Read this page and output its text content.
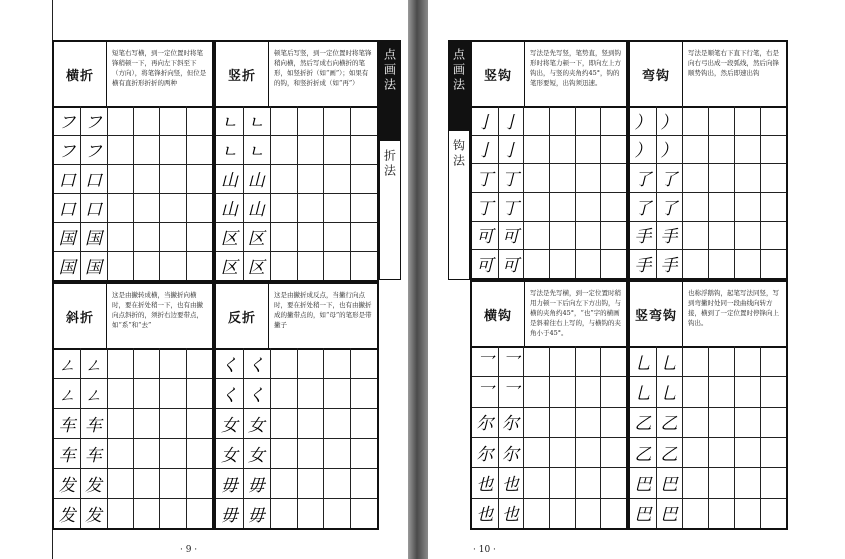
点画法
折法
· 9 ·
点画法
钩法
· 10 ·
横折
短笔右写横，到一定位置时将笔锋稍顿一下，再向左下斜至下（方向），将笔锋折向竖，但位是横有直折形折折的两种
フ フ
フ フ
口 口
口 口
国 国
国 国
竖折
顿笔后写竖，到一定位置时将笔锋稍向横，然后写成右向横折的笔形，如竖折折（如“画”）；如果有的钩，和竖折折成（如“再”）
ㄴ ㄴ
ㄴ ㄴ
山 山
山 山
区 区
区 区
斜折
这是由撇转成横，当撇折向横时，要在折处稍一下，也有由撇向点斜折的，须折右边要带点，如“系”和“去”
ㄥ ㄥ
ㄥ ㄥ
车 车
车 车
发 发
发 发
反折
这是由撇折成反点，当撇行向点时，要在折处稍一下，也有由撇折成的撇带点的，如“母”的笔形是带撇子
く く
く く
女 女
女 女
毋 毋
毋 毋
竖钩
写法是先写竖，笔势直，竖到钩形时将笔力顿一下，即向左上方钩出，与竖的夹角约45°，钩的笔形要短，出钩须迅速。
亅 亅
亅 亅
丁 丁
丁 丁
可 可
可 可
弯钩
写法是顺笔右下直下行笔，右是向右弓出成一段弧线，然后向锋顺势钩出，然后即速出钩
） ）
） ）
了 了
了 了
手 手
手 手
横钩
写法是先写横，到一定位置时稍用力顿一下后向左下方出钩，与横的夹角约45°，“也”字的横画是斜着往右上写的，与横钩的夹角小于45°。
乛 乛
乛 乛
尔 尔
尔 尔
也 也
也 也
竖弯钩
也称浮鹅钩，起笔写法同竖，写到弯撇时处同一段曲线向转方接，横到了一定位置时停锋向上钩出。
乚 乚
乚 乚
乙 乙
乙 乙
巴 巴
巴 巴
